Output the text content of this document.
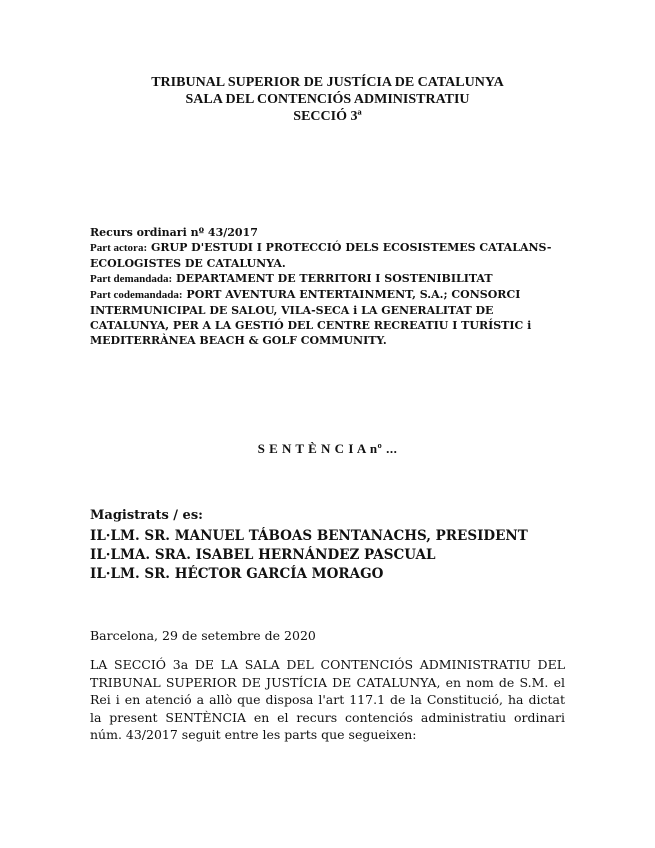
TRIBUNAL SUPERIOR DE JUSTÍCIA DE CATALUNYA
SALA DEL CONTENCIÓS ADMINISTRATIU
SECCIÓ 3ª
Recurs ordinari nº 43/2017
Part actora: GRUP D'ESTUDI I PROTECCIÓ DELS ECOSISTEMES CATALANS-ECOLOGISTES DE CATALUNYA.
Part demandada: DEPARTAMENT DE TERRITORI I SOSTENIBILITAT
Part codemandada: PORT AVENTURA ENTERTAINMENT, S.A.; CONSORCI INTERMUNICIPAL DE SALOU, VILA-SECA i LA GENERALITAT DE CATALUNYA, PER A LA GESTIÓ DEL CENTRE RECREATIU I TURÍSTIC i MEDITERRÀNEA BEACH & GOLF COMMUNITY.
S E N T È N C I A nº ...
Magistrats / es:
IL·LM. SR. MANUEL TÁBOAS BENTANACHS, PRESIDENT
IL·LMA. SRA. ISABEL HERNÁNDEZ PASCUAL
IL·LM. SR. HÉCTOR GARCÍA MORAGO
Barcelona, 29 de setembre de 2020
LA SECCIÓ 3a DE LA SALA DEL CONTENCIÓS ADMINISTRATIU DEL TRIBUNAL SUPERIOR DE JUSTÍCIA DE CATALUNYA, en nom de S.M. el Rei i en atenció a allò que disposa l'art 117.1 de la Constitució, ha dictat la present SENTÈNCIA en el recurs contenciós administratiu ordinari núm. 43/2017 seguit entre les parts que segueixen:
